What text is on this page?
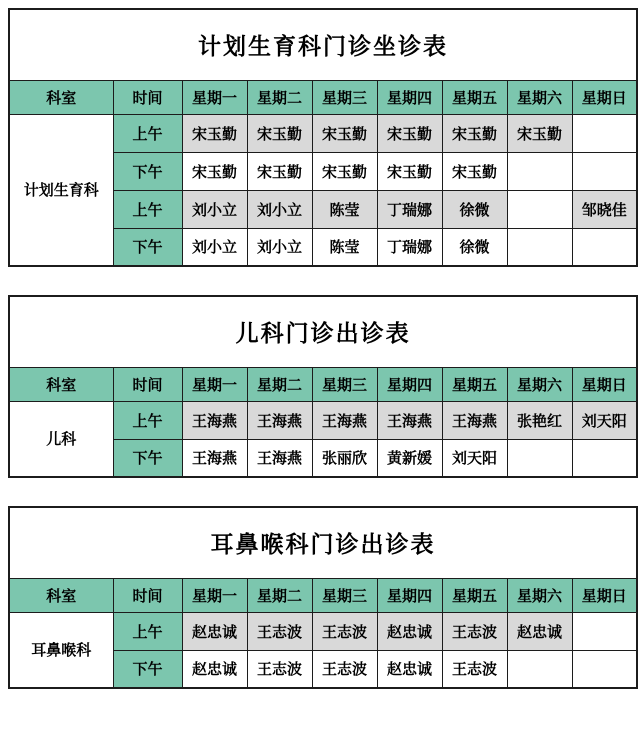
计划生育科门诊坐诊表								
科室	时间	星期一	星期二	星期三	星期四	星期五	星期六	星期日
计划生育科	上午	宋玉勤	宋玉勤	宋玉勤	宋玉勤	宋玉勤	宋玉勤	
	下午	宋玉勤	宋玉勤	宋玉勤	宋玉勤	宋玉勤		
	上午	刘小立	刘小立	陈莹	丁瑞娜	徐微		邹晓佳
	下午	刘小立	刘小立	陈莹	丁瑞娜	徐微		
儿科门诊出诊表								
科室	时间	星期一	星期二	星期三	星期四	星期五	星期六	星期日
儿科	上午	王海燕	王海燕	王海燕	王海燕	王海燕	张艳红	刘天阳
	下午	王海燕	王海燕	张丽欣	黄新媛	刘天阳		
耳鼻喉科门诊出诊表								
科室	时间	星期一	星期二	星期三	星期四	星期五	星期六	星期日
耳鼻喉科	上午	赵忠诚	王志波	王志波	赵忠诚	王志波	赵忠诚	
	下午	赵忠诚	王志波	王志波	赵忠诚	王志波		
